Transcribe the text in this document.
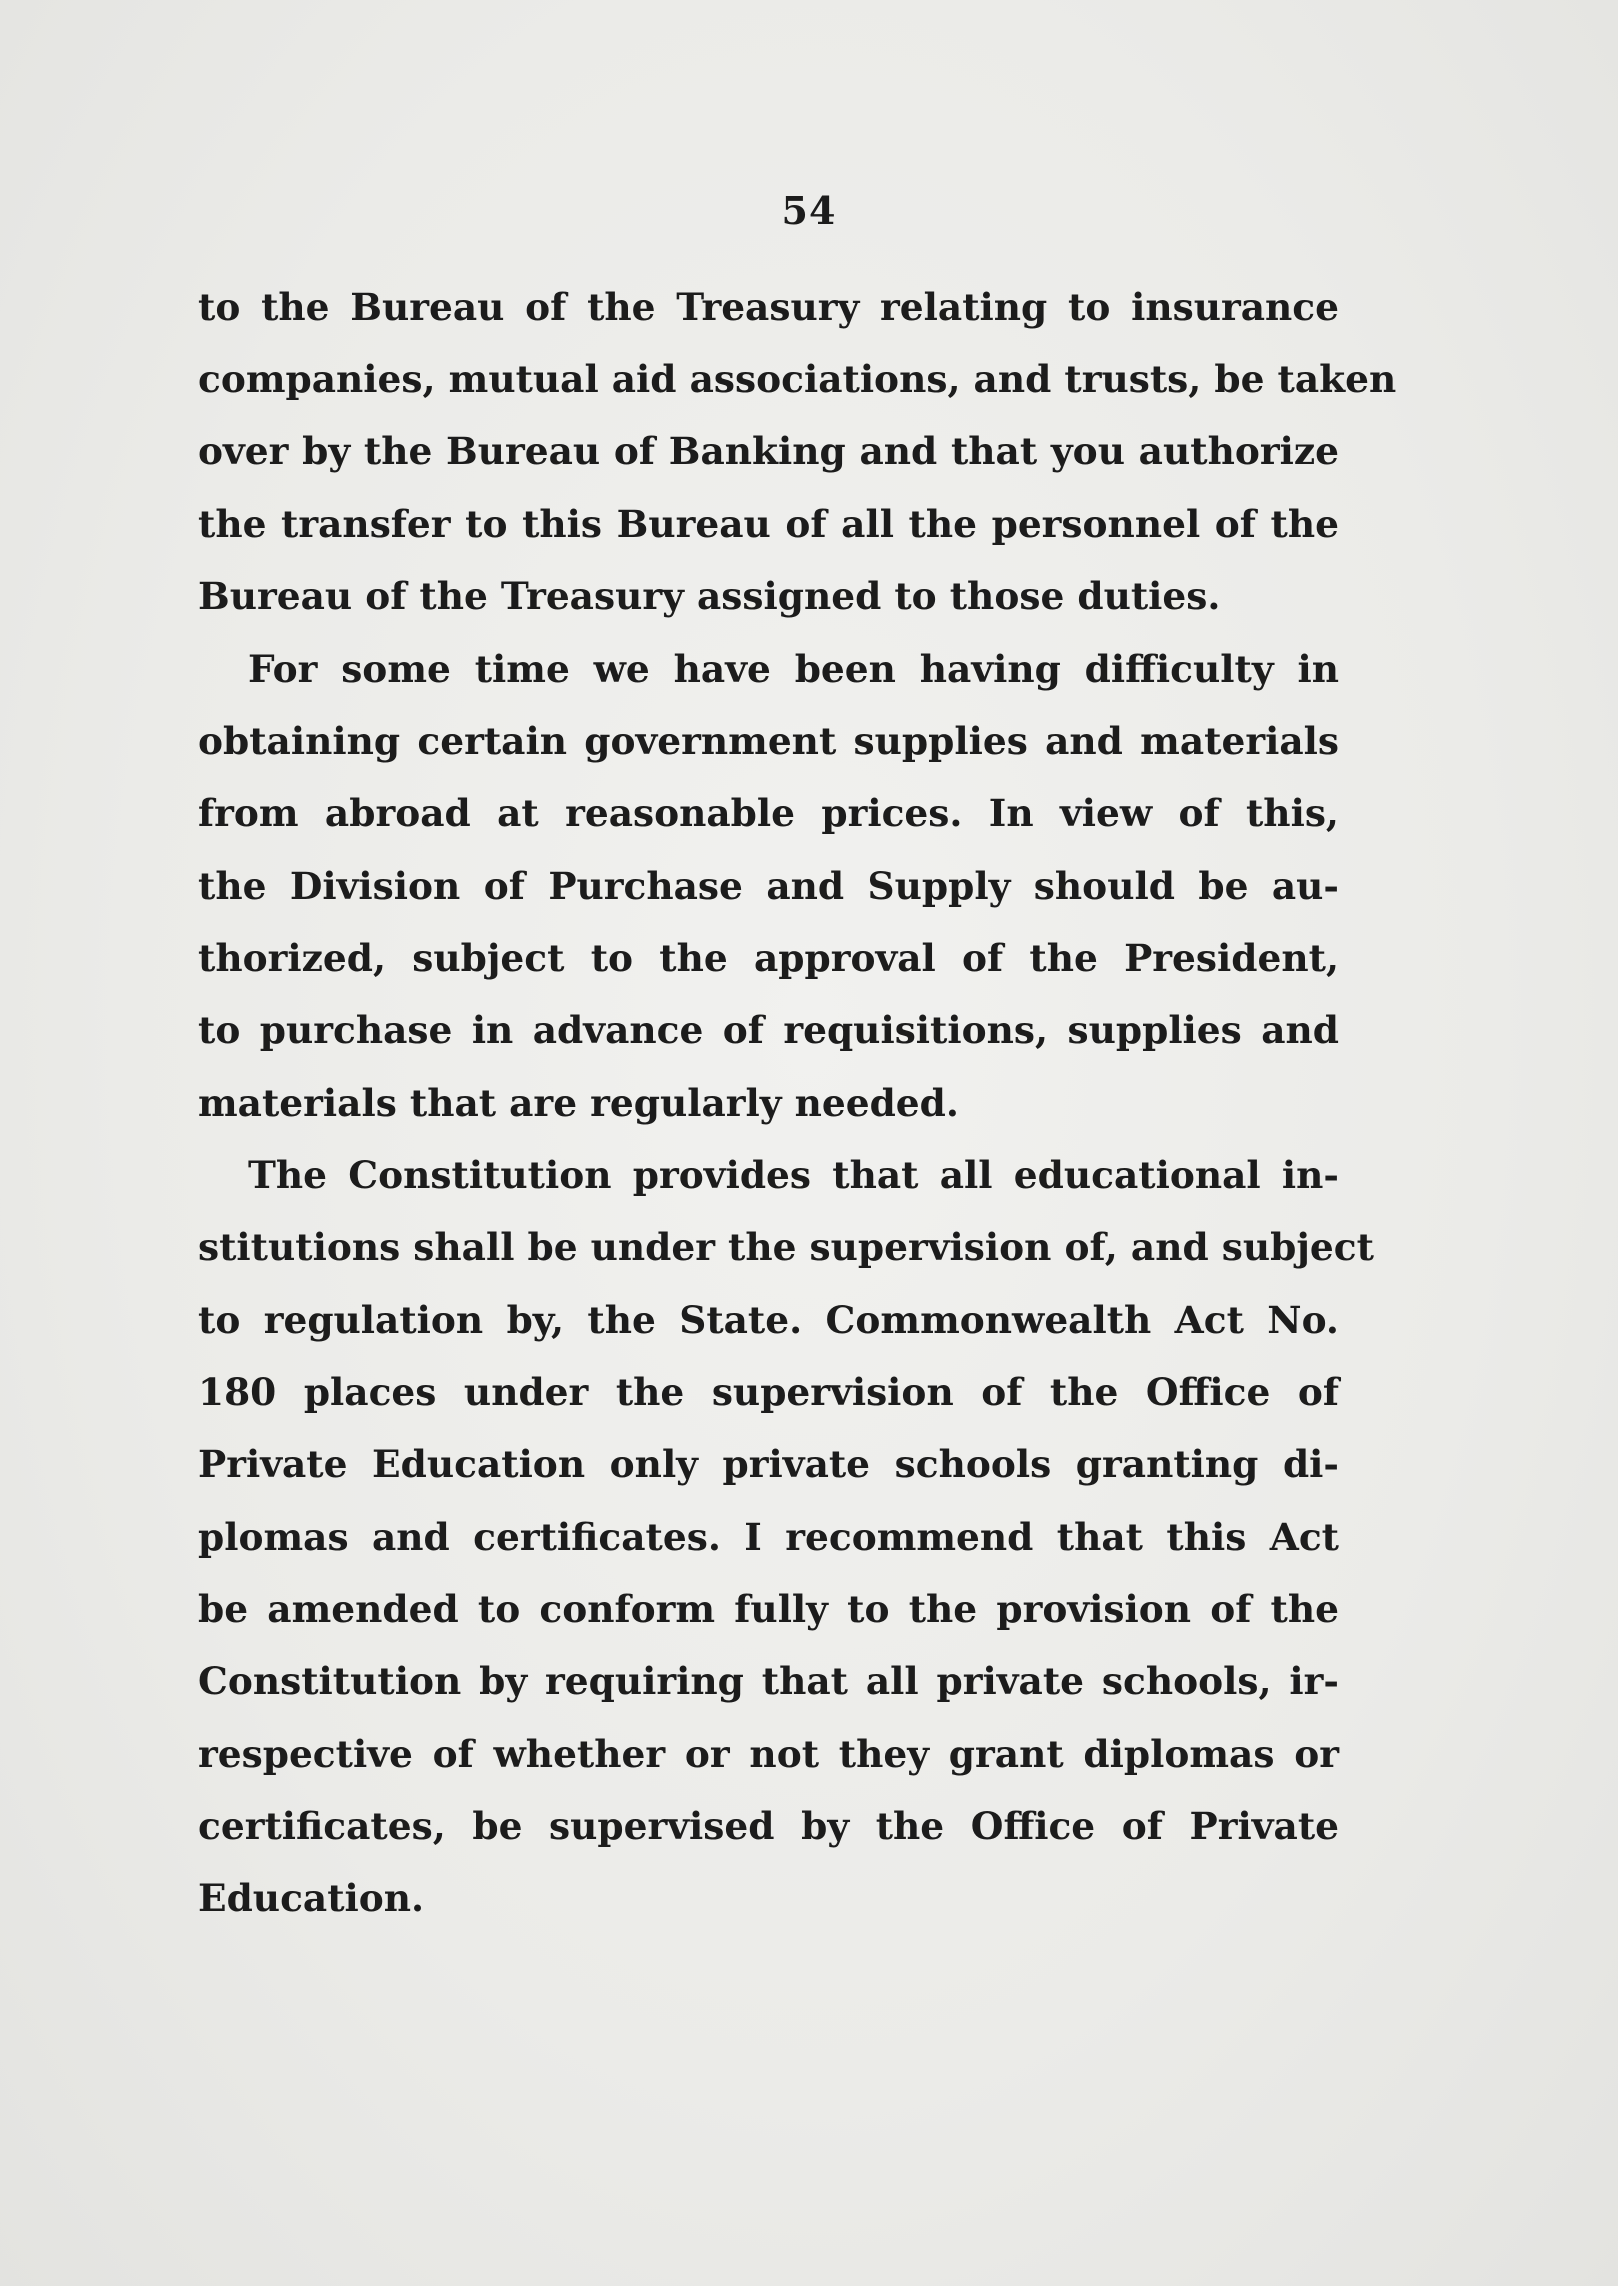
54
to the Bureau of the Treasury relating to insurance
companies, mutual aid associations, and trusts, be taken
over by the Bureau of Banking and that you authorize
the transfer to this Bureau of all the personnel of the
Bureau of the Treasury assigned to those duties.
For some time we have been having difficulty in
obtaining certain government supplies and materials
from abroad at reasonable prices. In view of this,
the Division of Purchase and Supply should be au-
thorized, subject to the approval of the President,
to purchase in advance of requisitions, supplies and
materials that are regularly needed.
The Constitution provides that all educational in-
stitutions shall be under the supervision of, and subject
to regulation by, the State. Commonwealth Act No.
180 places under the supervision of the Office of
Private Education only private schools granting di-
plomas and certificates. I recommend that this Act
be amended to conform fully to the provision of the
Constitution by requiring that all private schools, ir-
respective of whether or not they grant diplomas or
certificates, be supervised by the Office of Private
Education.
